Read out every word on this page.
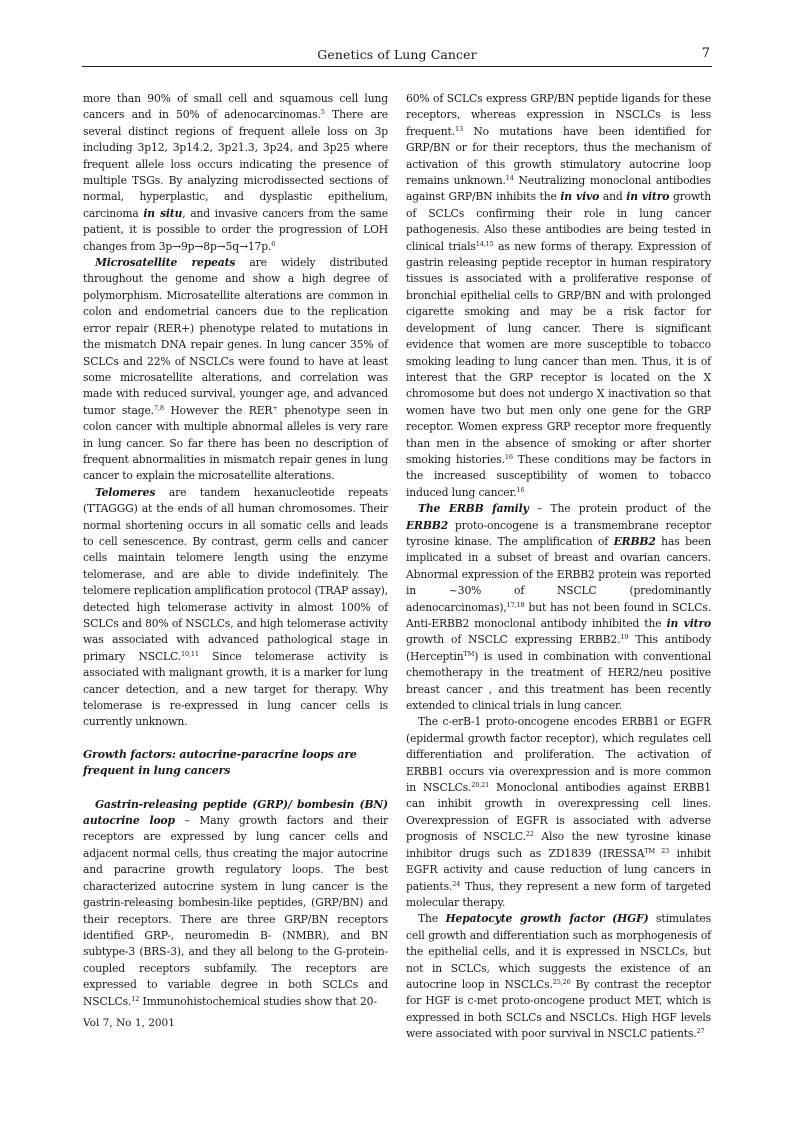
Genetics of Lung Cancer	7

more than 90% of small cell and squamous cell lung cancers and in 50% of adenocarcinomas.$^5$ There are several distinct regions of frequent allele loss on 3p including 3p12, 3p14.2, 3p21.3, 3p24, and 3p25 where frequent allele loss occurs indicating the presence of multiple TSGs. By analyzing microdissected sections of normal, hyperplastic, and dysplastic epithelium, carcinoma in situ, and invasive cancers from the same patient, it is possible to order the progression of LOH changes from 3p→9p→8p→5q→17p.$^6$

Microsatellite repeats are widely distributed throughout the genome and show a high degree of polymorphism. Microsatellite alterations are common in colon and endometrial cancers due to the replication error repair (RER+) phenotype related to mutations in the mismatch DNA repair genes. In lung cancer 35% of SCLCs and 22% of NSCLCs were found to have at least some microsatellite alterations, and correlation was made with reduced survival, younger age, and advanced tumor stage.$^{7,8}$ However the RER+ phenotype seen in colon cancer with multiple abnormal alleles is very rare in lung cancer. So far there has been no description of frequent abnormalities in mismatch repair genes in lung cancer to explain the microsatellite alterations.

Telomeres are tandem hexanucleotide repeats (TTAGGG) at the ends of all human chromosomes. Their normal shortening occurs in all somatic cells and leads to cell senescence. By contrast, germ cells and cancer cells maintain telomere length using the enzyme telomerase, and are able to divide indefinitely. The telomere replication amplification protocol (TRAP assay), detected high telomerase activity in almost 100% of SCLCs and 80% of NSCLCs, and high telomerase activity was associated with advanced pathological stage in primary NSCLC.$^{10,11}$ Since telomerase activity is associated with malignant growth, it is a marker for lung cancer detection, and a new target for therapy. Why telomerase is re-expressed in lung cancer cells is currently unknown.

Growth factors: autocrine-paracrine loops are frequent in lung cancers

Gastrin-releasing peptide (GRP)/ bombesin (BN) autocrine loop – Many growth factors and their receptors are expressed by lung cancer cells and adjacent normal cells, thus creating the major autocrine and paracrine growth regulatory loops. The best characterized autocrine system in lung cancer is the gastrin-releasing bombesin-like peptides, (GRP/BN) and their receptors. There are three GRP/BN receptors identified GRP-, neuromedin B- (NMBR), and BN subtype-3 (BRS-3), and they all belong to the G-protein-coupled receptors subfamily. The receptors are expressed to variable degree in both SCLCs and NSCLCs.$^{12}$ Immunohistochemical studies show that 20-

60% of SCLCs express GRP/BN peptide ligands for these receptors, whereas expression in NSCLCs is less frequent.$^{13}$ No mutations have been identified for GRP/BN or for their receptors, thus the mechanism of activation of this growth stimulatory autocrine loop remains unknown.$^{14}$ Neutralizing monoclonal antibodies against GRP/BN inhibits the in vivo and in vitro growth of SCLCs confirming their role in lung cancer pathogenesis. Also these antibodies are being tested in clinical trials$^{14,15}$ as new forms of therapy. Expression of gastrin releasing peptide receptor in human respiratory tissues is associated with a proliferative response of bronchial epithelial cells to GRP/BN and with prolonged cigarette smoking and may be a risk factor for development of lung cancer. There is significant evidence that women are more susceptible to tobacco smoking leading to lung cancer than men. Thus, it is of interest that the GRP receptor is located on the X chromosome but does not undergo X inactivation so that women have two but men only one gene for the GRP receptor. Women express GRP receptor more frequently than men in the absence of smoking or after shorter smoking histories.$^{16}$ These conditions may be factors in the increased susceptibility of women to tobacco induced lung cancer.$^{16}$

The ERBB family – The protein product of the ERBB2 proto-oncogene is a transmembrane receptor tyrosine kinase. The amplification of ERBB2 has been implicated in a subset of breast and ovarian cancers. Abnormal expression of the ERBB2 protein was reported in ~30% of NSCLC (predominantly adenocarcinomas),$^{17,18}$ but has not been found in SCLCs. Anti-ERBB2 monoclonal antibody inhibited the in vitro growth of NSCLC expressing ERBB2.19 This antibody (Herceptin™) is used in combination with conventional chemotherapy in the treatment of HER2/neu positive breast cancer , and this treatment has been recently extended to clinical trials in lung cancer.

The c-erB-1 proto-oncogene encodes ERBB1 or EGFR (epidermal growth factor receptor), which regulates cell differentiation and proliferation. The activation of ERBB1 occurs via overexpression and is more common in NSCLCs.$^{20,21}$ Monoclonal antibodies against ERBB1 can inhibit growth in overexpressing cell lines. Overexpression of EGFR is associated with adverse prognosis of NSCLC.$^{22}$ Also the new tyrosine kinase inhibitor drugs such as ZD1839 ($IRESSA^{TM 23}$ inhibit EGFR activity and cause reduction of lung cancers in patients.$^{24}$ Thus, they represent a new form of targeted molecular therapy.

The Hepatocyte growth factor (HGF) stimulates cell growth and differentiation such as morphogenesis of the epithelial cells, and it is expressed in NSCLCs, but not in SCLCs, which suggests the existence of an autocrine loop in NSCLCs.$^{25,26}$ By contrast the receptor for HGF is c-met proto-oncogene product MET, which is expressed in both SCLCs and NSCLCs. High HGF levels were associated with poor survival in NSCLC patients.$^{27}$

Vol 7, No 1, 2001
